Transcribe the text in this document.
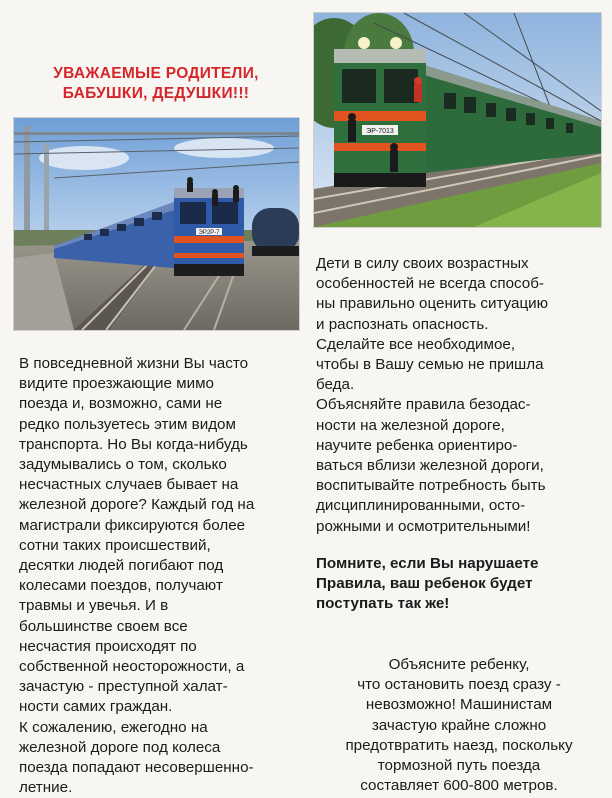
УВАЖАЕМЫЕ РОДИТЕЛИ,
БАБУШКИ, ДЕДУШКИ!!!
ЭР2Р-7
ЭР-7013
В повседневной жизни Вы часто
видите проезжающие мимо
поезда и, возможно, сами не
редко пользуетесь этим видом
транспорта. Но Вы когда-нибудь
задумывались о том, сколько
несчастных случаев бывает на
железной дороге? Каждый год на
магистрали фиксируются более
сотни таких происшествий,
десятки людей погибают под
колесами поездов, получают
травмы и увечья. И в
большинстве своем все
несчастия происходят по
собственной неосторожности, а
зачастую - преступной халат-
ности самих граждан.
К сожалению, ежегодно на
железной дороге под колеса
поезда попадают несовершенно-
летние.
Дети в силу своих возрастных
особенностей не всегда способ-
ны правильно оценить ситуацию
и распознать опасность.
Сделайте все необходимое,
чтобы в Вашу семью не пришла
беда.
Объясняйте правила безодас-
ности на железной дороге,
научите ребенка ориентиро-
ваться вблизи железной дороги,
воспитывайте потребность быть
дисциплинированными, осто-
рожными и осмотрительными!
Помните, если Вы нарушаете
Правила, ваш ребенок будет
поступать так же!
Объясните ребенку,
что остановить поезд сразу -
невозможно! Машинистам
зачастую крайне сложно
предотвратить наезд, поскольку
тормозной путь поезда
составляет 600-800 метров.
